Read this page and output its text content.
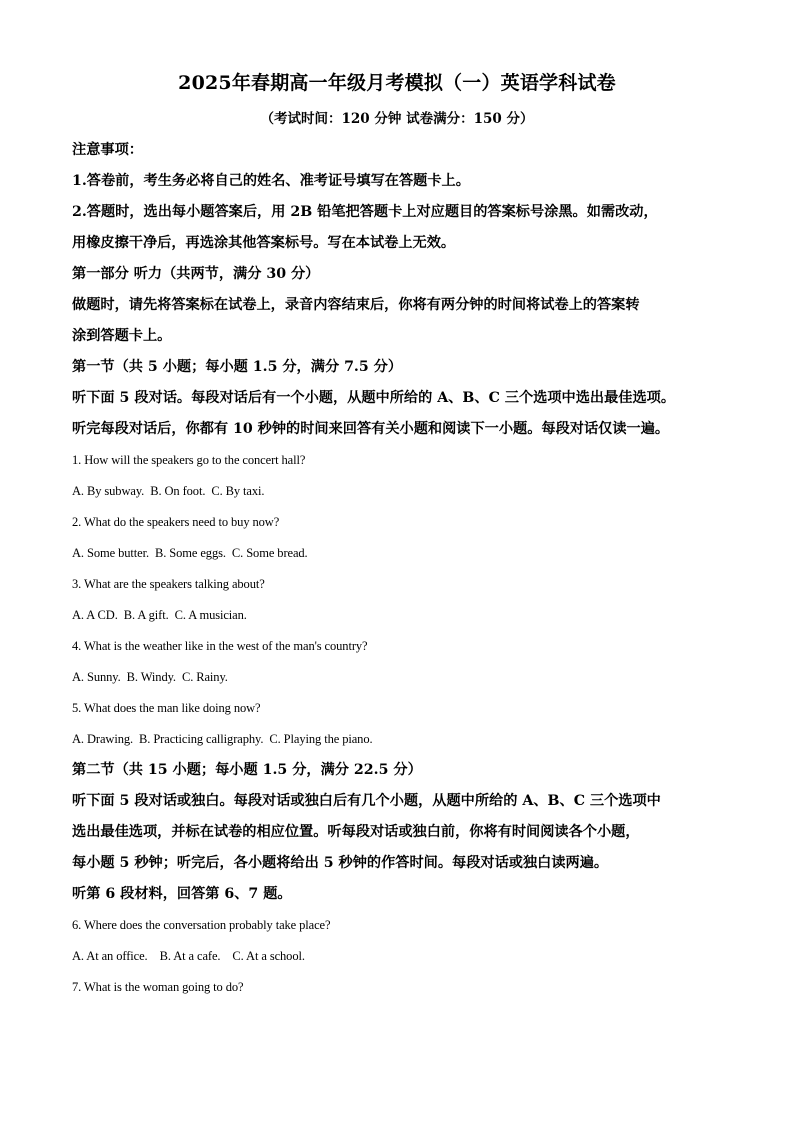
2025年春期高一年级月考模拟（一）英语学科试卷
（考试时间：120 分钟 试卷满分：150 分）

注意事项：

1.答卷前，考生务必将自己的姓名、准考证号填写在答题卡上。

2.答题时，选出每小题答案后，用 2B 铅笔把答题卡上对应题目的答案标号涂黑。如需改动，

用橡皮擦干净后，再选涂其他答案标号。写在本试卷上无效。

第一部分 听力（共两节，满分 30 分）

做题时，请先将答案标在试卷上，录音内容结束后，你将有两分钟的时间将试卷上的答案转

涂到答题卡上。

第一节（共 5 小题；每小题 1.5 分，满分 7.5 分）

听下面 5 段对话。每段对话后有一个小题，从题中所给的 A、B、C 三个选项中选出最佳选项。

听完每段对话后，你都有 10 秒钟的时间来回答有关小题和阅读下一小题。每段对话仅读一遍。

1. How will the speakers go to the concert hall?

A. By subway. B. On foot. C. By taxi.

2. What do the speakers need to buy now?

A. Some butter. B. Some eggs. C. Some bread.

3. What are the speakers talking about?

A. A CD. B. A gift. C. A musician.

4. What is the weather like in the west of the man's country?

A. Sunny. B. Windy. C. Rainy.

5. What does the man like doing now?

A. Drawing. B. Practicing calligraphy. C. Playing the piano.

第二节（共 15 小题；每小题 1.5 分，满分 22.5 分）

听下面 5 段对话或独白。每段对话或独白后有几个小题，从题中所给的 A、B、C 三个选项中

选出最佳选项，并标在试卷的相应位置。听每段对话或独白前，你将有时间阅读各个小题，

每小题 5 秒钟；听完后，各小题将给出 5 秒钟的作答时间。每段对话或独白读两遍。

听第 6 段材料，回答第 6、7 题。

6. Where does the conversation probably take place?

A. At an office. B. At a cafe. C. At a school.

7. What is the woman going to do?
